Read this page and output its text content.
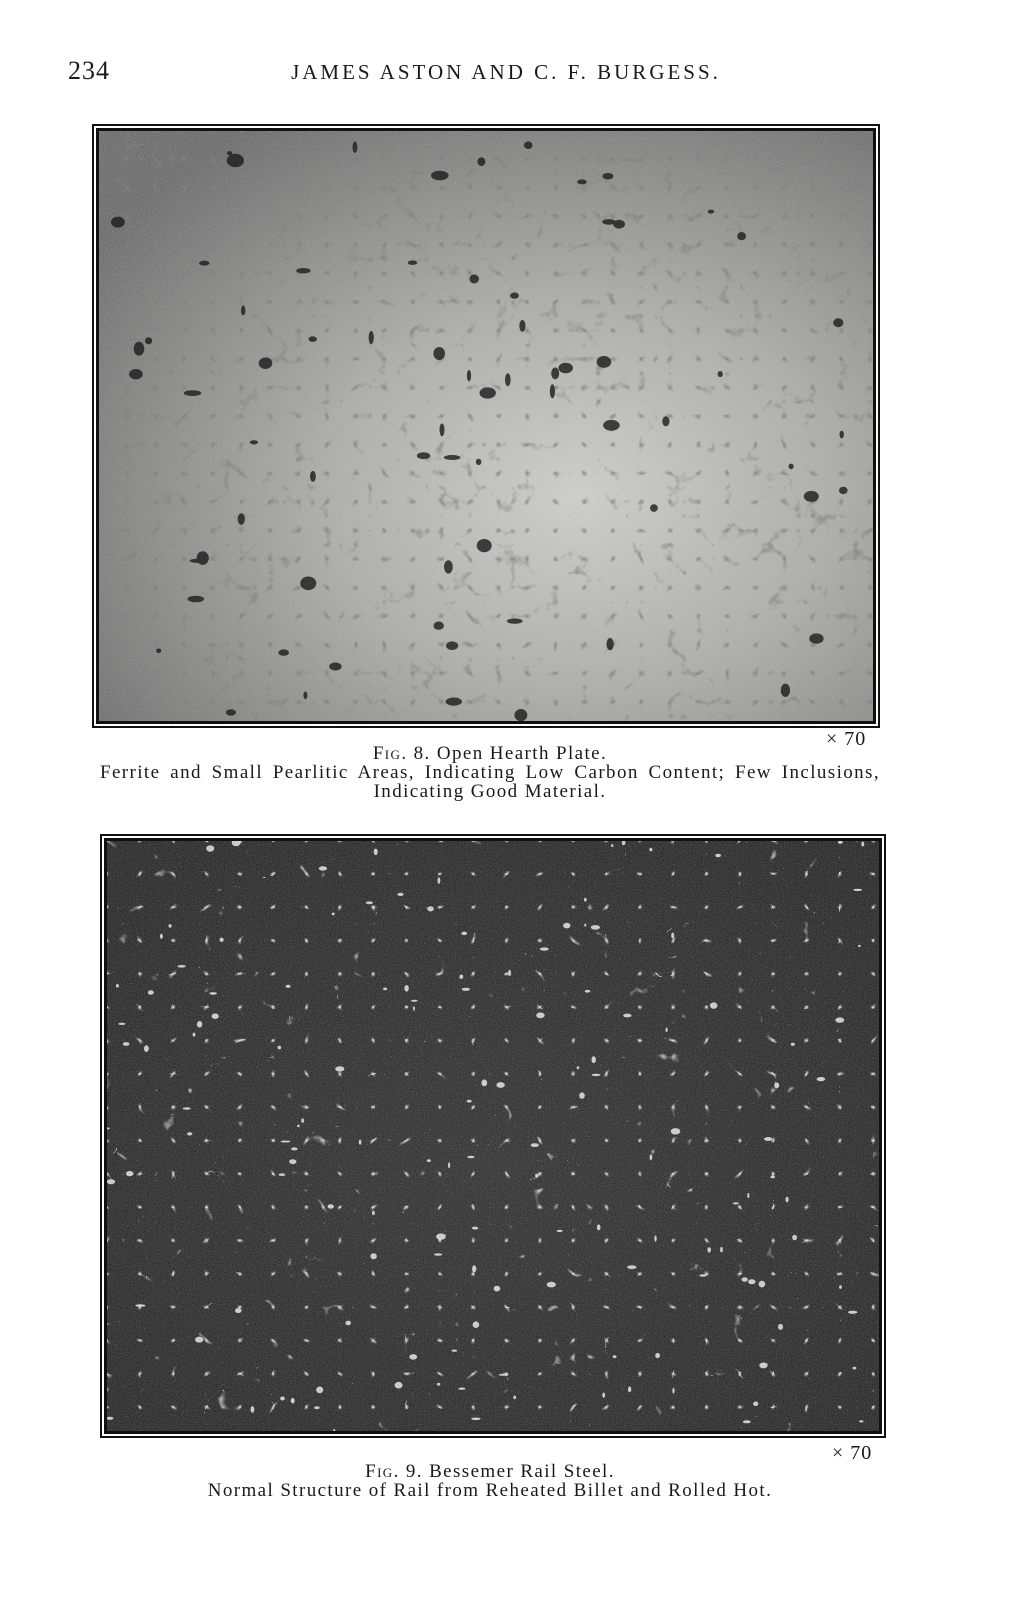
234	JAMES ASTON AND C. F. BURGESS.
× 70
Fig. 8. Open Hearth Plate.
Ferrite and Small Pearlitic Areas, Indicating Low Carbon Content; Few Inclusions, Indicating Good Material.
× 70
Fig. 9. Bessemer Rail Steel.
Normal Structure of Rail from Reheated Billet and Rolled Hot.
